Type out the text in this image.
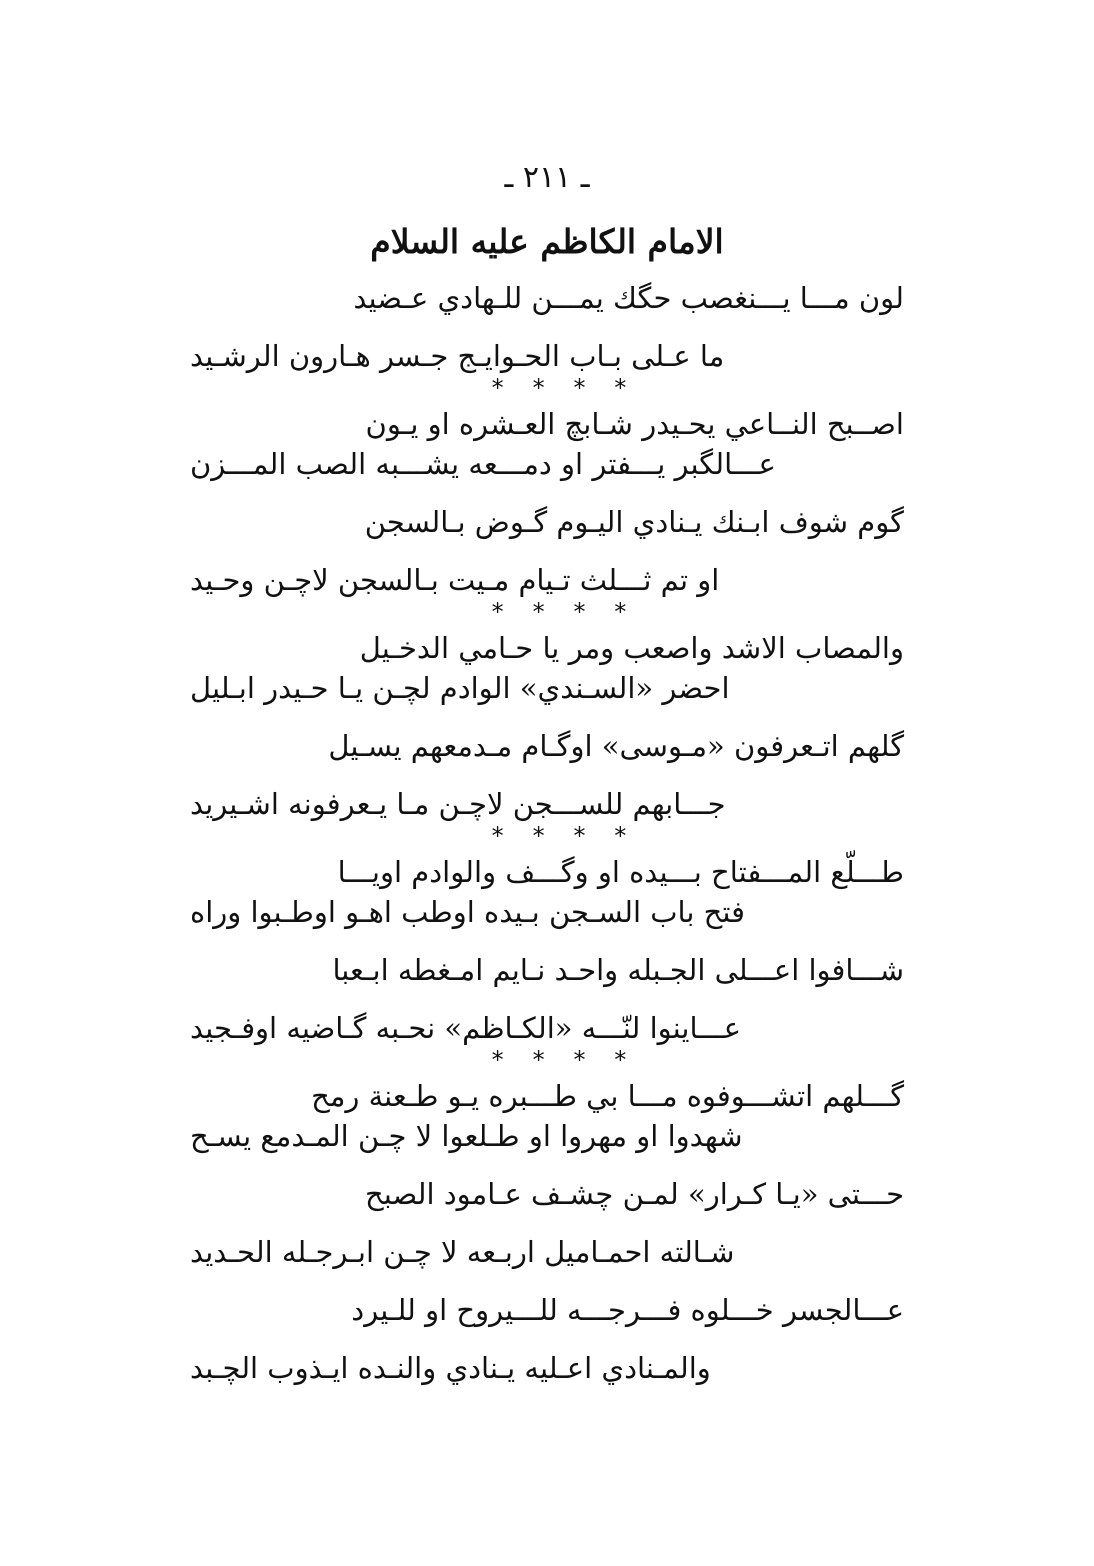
ـ ٢١١ ـ
الامام الكاظم عليه السلام
لون مـــا يـــنغصب حگك يمـــن للـهادي عـضيد
ما عـلى بـاب الحـوايـج جـسر هـارون الرشـيد
* * * *
اصــبح النــاعي يحـيدر شـابچ العـشره او يـون
عـــالگبر يـــفتر او دمـــعه يشـــبه الصب المـــزن
گوم شوف ابـنك يـنادي اليـوم گـوض بـالسجن
او تم ثـــلث تـيام مـيت بـالسجن لاچـن وحـيد
* * * *
والمصاب الاشد واصعب ومر يا حـامي الدخـيل
احضر «السـندي» الوادم لچـن يـا حـيدر ابـليل
گلهم اتـعرفون «مـوسى» اوگـام مـدمعهم يسـيل
جـــابهم للســـجن لاچـن مـا يـعرفونه اشـيريد
* * * *
طـــلّع المـــفتاح بـــيده او وگـــف والوادم اويـــا
فتح باب السـجن بـيده اوطب اهـو اوطـبوا وراه
شـــافوا اعـــلى الجـبله واحـد نـايم امـغطه ابـعبا
عـــاينوا لنّـــه «الكـاظم» نحـبه گـاضيه اوفـجيد
* * * *
گـــلهم اتشـــوفوه مـــا بي طـــبره يـو طـعنة رمح
شهدوا او مهروا او طـلعوا لا چـن المـدمع يسـح
حـــتى «يـا كـرار» لمـن چشـف عـامود الصبح
شـالته احمـاميل اربـعه لا چـن ابـرجـله الحـديد
عـــالجسر خـــلوه فـــرجـــه للـــيروح او للـيرد
والمـنادي اعـليه يـنادي والنـده ايـذوب الچـبد
